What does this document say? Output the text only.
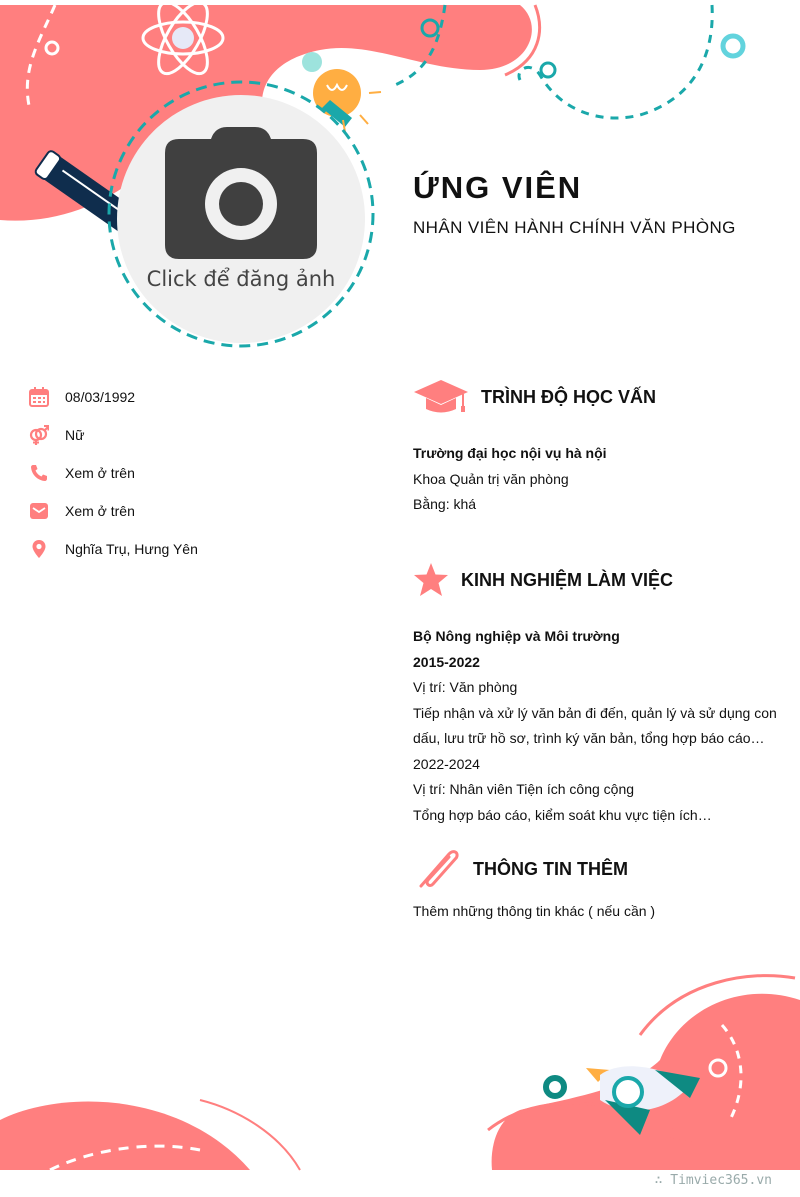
Click để đăng ảnh
ỨNG VIÊN
NHÂN VIÊN HÀNH CHÍNH VĂN PHÒNG
08/03/1992
Nữ
Xem ở trên
Xem ở trên
Nghĩa Trụ, Hưng Yên
TRÌNH ĐỘ HỌC VẤN
Trường đại học nội vụ hà nội
Khoa Quản trị văn phòng
Bằng: khá
KINH NGHIỆM LÀM VIỆC
Bộ Nông nghiệp và Môi trường
2015-2022
Vị trí: Văn phòng
Tiếp nhận và xử lý văn bản đi đến, quản lý và sử dụng con
dấu, lưu trữ hồ sơ, trình ký văn bản, tổng hợp báo cáo…
2022-2024
Vị trí: Nhân viên Tiện ích công cộng
Tổng hợp báo cáo, kiểm soát khu vực tiện ích…
THÔNG TIN THÊM
Thêm những thông tin khác ( nếu cần )
∴ Timviec365.vn
